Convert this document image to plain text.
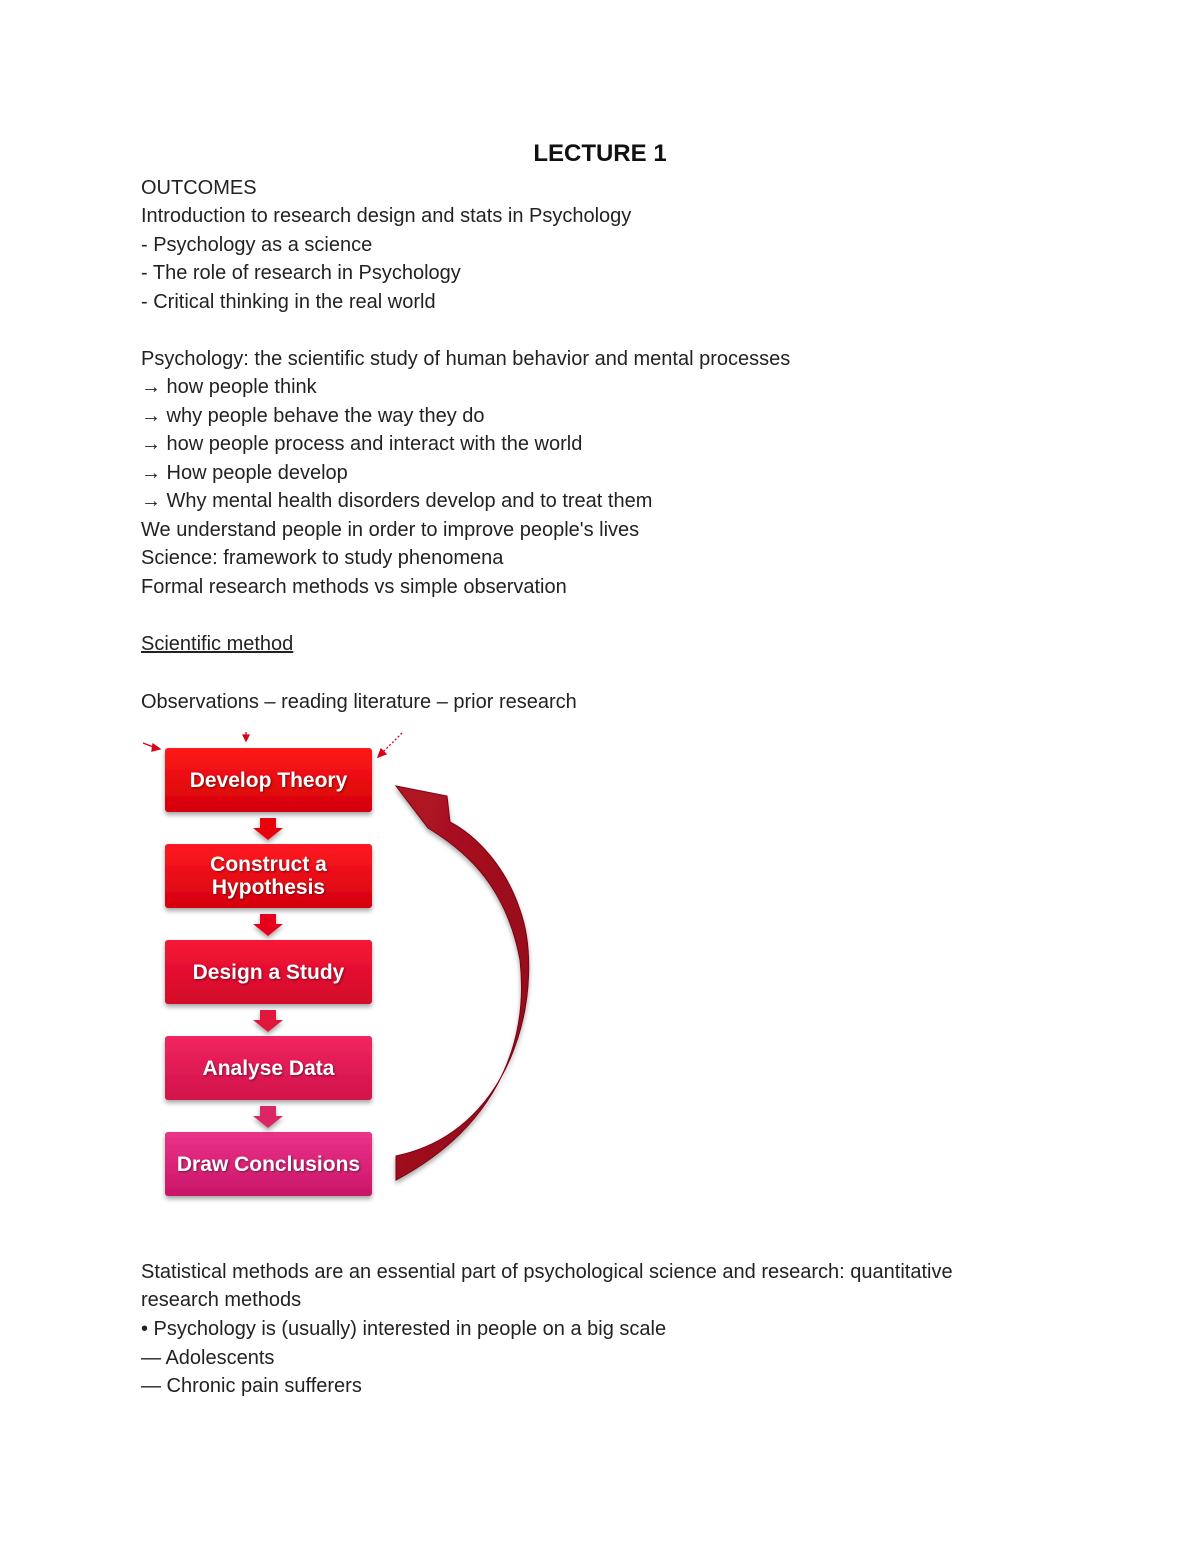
LECTURE 1
OUTCOMES
Introduction to research design and stats in Psychology
- Psychology as a science
- The role of research in Psychology
- Critical thinking in the real world
Psychology: the scientific study of human behavior and mental processes
→ how people think
→ why people behave the way they do
→ how people process and interact with the world
→ How people develop
→ Why mental health disorders develop and to treat them
We understand people in order to improve people's lives
Science: framework to study phenomena
Formal research methods vs simple observation
Scientific method
Observations – reading literature – prior research
Develop Theory
Construct a Hypothesis
Design a Study
Analyse Data
Draw Conclusions
Statistical methods are an essential part of psychological science and research: quantitative
research methods
• Psychology is (usually) interested in people on a big scale
— Adolescents
— Chronic pain sufferers
